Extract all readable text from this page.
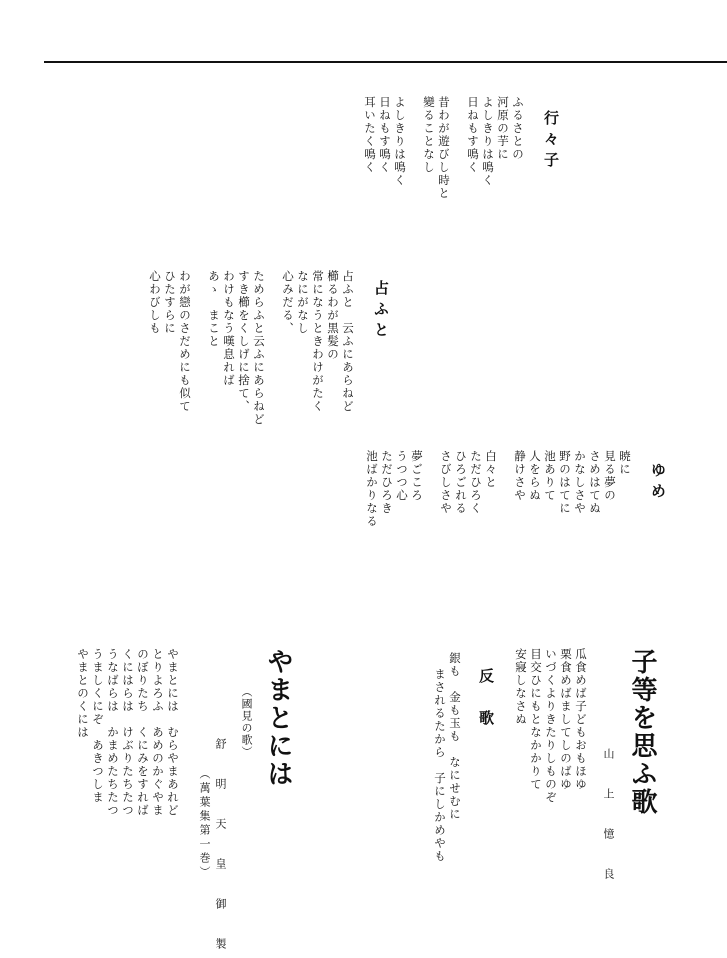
行々子
ふるさとの
河原の芋に
よしきりは鳴く
日ねもす鳴く
昔わが遊びし時と
變ることなし
よしきりは鳴く
日ねもす鳴く
耳いたく鳴く
占ふと
占ふと　云ふにあらねど
櫛るわが黒髪の
常になうときわけがたく
なにがなし
心みだる、
ためらふと云ふにあらねど
すき櫛をくしげに捨て、
わけもなう嘆息れば
あゝ　まこと
わが戀のさだめにも似て
ひたすらに
心わびしも
ゆめ
暁に
見る夢の
さめはてぬ
かなしさや
野のはてに
池ありて
人をらぬ
静けさや
白々と
ただひろく
ひろごれる
さびしさや
夢ごころ
うつつ心
ただひろき
池ばかりなる
子等を思ふ歌
山　上　憶　良
瓜食めば子どもおもほゆ
栗食めばましてしのばゆ
いづくよりきたりしものぞ
目交ひにもとなかかりて
安寢しなさぬ
反　歌
銀も　金も玉も　なにせむに
まされるたから　子にしかめやも
やまとには
（國見の歌）
舒　明　天　皇　御　製
（萬葉集第一巻）
やまとには　むらやまあれど
とりよろふ　あめのかぐやま
のぼりたち　くにみをすれば
くにはらは　けぶりたちたつ
うなばらは　かまめたちたつ
うましくにぞ　あきつしま
やまとのくには
